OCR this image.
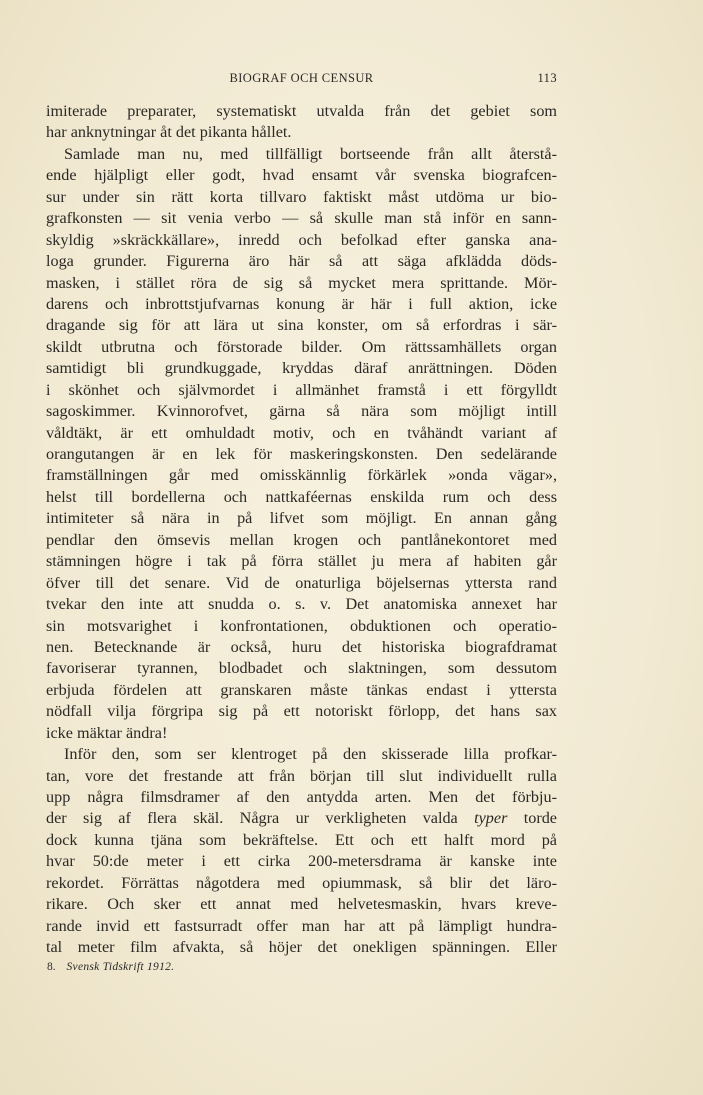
BIOGRAF OCH CENSUR	113
imiterade preparater, systematiskt utvalda från det gebiet som
har anknytningar åt det pikanta hållet.
Samlade man nu, med tillfälligt bortseende från allt återstå-
ende hjälpligt eller godt, hvad ensamt vår svenska biografcen-
sur under sin rätt korta tillvaro faktiskt måst utdöma ur bio-
grafkonsten — sit venia verbo — så skulle man stå inför en sann-
skyldig »skräckkällare», inredd och befolkad efter ganska ana-
loga grunder. Figurerna äro här så att säga afklädda döds-
masken, i stället röra de sig så mycket mera sprittande. Mör-
darens och inbrottstjufvarnas konung är här i full aktion, icke
dragande sig för att lära ut sina konster, om så erfordras i sär-
skildt utbrutna och förstorade bilder. Om rättssamhällets organ
samtidigt bli grundkuggade, kryddas däraf anrättningen. Döden
i skönhet och självmordet i allmänhet framstå i ett förgylldt
sagoskimmer. Kvinnorofvet, gärna så nära som möjligt intill
våldtäkt, är ett omhuldadt motiv, och en tvåhändt variant af
orangutangen är en lek för maskeringskonsten. Den sedelärande
framställningen går med omisskännlig förkärlek »onda vägar»,
helst till bordellerna och nattkaféernas enskilda rum och dess
intimiteter så nära in på lifvet som möjligt. En annan gång
pendlar den ömsevis mellan krogen och pantlånekontoret med
stämningen högre i tak på förra stället ju mera af habiten går
öfver till det senare. Vid de onaturliga böjelsernas yttersta rand
tvekar den inte att snudda o. s. v. Det anatomiska annexet har
sin motsvarighet i konfrontationen, obduktionen och operatio-
nen. Betecknande är också, huru det historiska biografdramat
favoriserar tyrannen, blodbadet och slaktningen, som dessutom
erbjuda fördelen att granskaren måste tänkas endast i yttersta
nödfall vilja förgripa sig på ett notoriskt förlopp, det hans sax
icke mäktar ändra!
Inför den, som ser klentroget på den skisserade lilla profkar-
tan, vore det frestande att från början till slut individuellt rulla
upp några filmsdramer af den antydda arten. Men det förbju-
der sig af flera skäl. Några ur verkligheten valda typer torde
dock kunna tjäna som bekräftelse. Ett och ett halft mord på
hvar 50:de meter i ett cirka 200-metersdrama är kanske inte
rekordet. Förrättas någotdera med opiummask, så blir det läro-
rikare. Och sker ett annat med helvetesmaskin, hvars kreve-
rande invid ett fastsurradt offer man har att på lämpligt hundra-
tal meter film afvakta, så höjer det onekligen spänningen. Eller
8. Svensk Tidskrift 1912.
